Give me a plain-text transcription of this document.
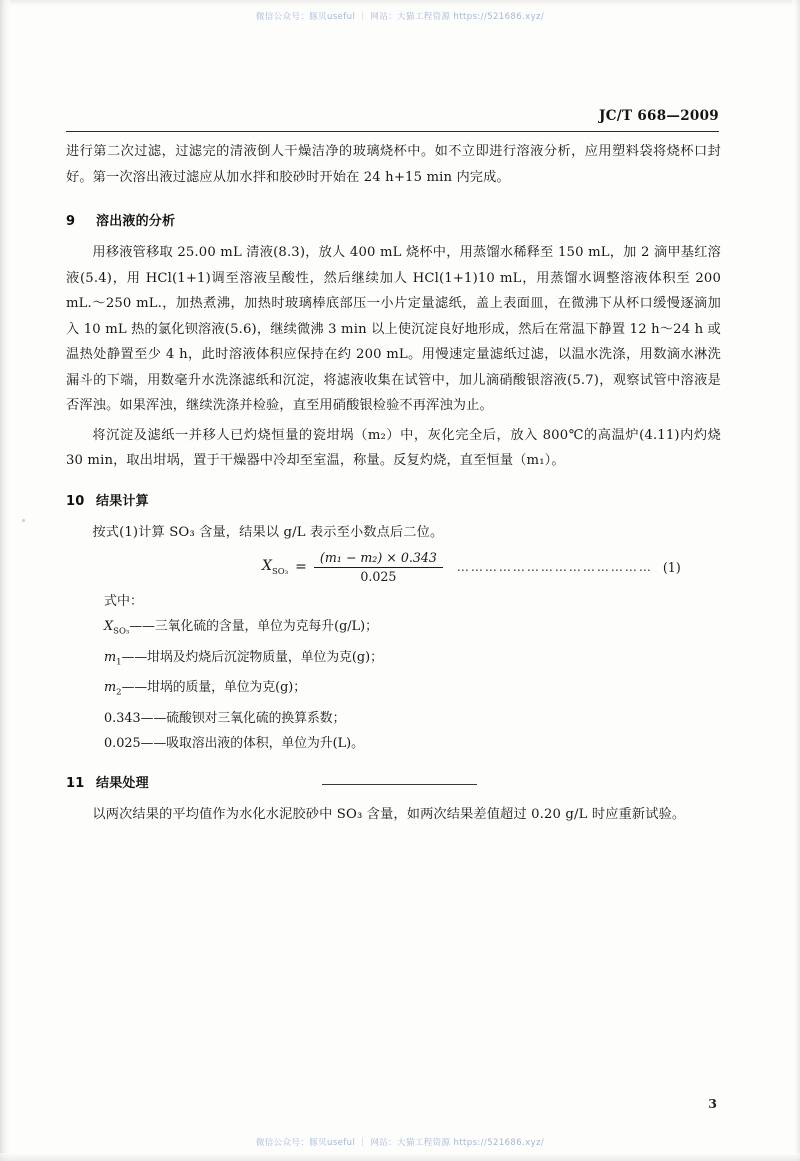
微信公众号：豚贝useful ｜ 网站：大猫工程资源 https://521686.xyz/
JC/T 668—2009

进行第二次过滤，过滤完的清液倒人干燥洁净的玻璃烧杯中。如不立即进行溶液分析，应用塑料袋将烧杯口封好。第一次溶出液过滤应从加水拌和胶砂时开始在 24 h+15 min 内完成。

9	溶出液的分析

用移液管移取 25.00 mL 清液(8.3)，放人 400 mL 烧杯中，用蒸馏水稀释至 150 mL，加 2 滴甲基红溶液(5.4)，用 HCl(1+1)调至溶液呈酸性，然后继续加人 HCl(1+1)10 mL，用蒸馏水调整溶液体积至 200 mL.～250 mL.，加热煮沸，加热时玻璃棒底部压一小片定量滤纸，盖上表面皿，在微沸下从杯口缓慢逐滴加入 10 mL 热的氯化钡溶液(5.6)，继续微沸 3 min 以上使沉淀良好地形成，然后在常温下静置 12 h～24 h 或温热处静置至少 4 h，此时溶液体积应保持在约 200 mL。用慢速定量滤纸过滤，以温水洗涤，用数滴水淋洗漏斗的下端，用数毫升水洗涤滤纸和沉淀，将滤液收集在试管中，加儿滴硝酸银溶液(5.7)，观察试管中溶液是否浑浊。如果浑浊，继续洗涤并检验，直至用硝酸银检验不再浑浊为止。

将沉淀及滤纸一并移人已灼烧恒量的瓷坩埚（m₂）中，灰化完全后，放入 800℃的高温炉(4.11)内灼烧 30 min，取出坩埚，置于干燥器中冷却至室温，称量。反复灼烧，直至恒量（m₁）。

10 结果计算

按式(1)计算 SO₃ 含量，结果以 g/L 表示至小数点后二位。

$X_{SO_3} = \frac{\text{(m₁ − m₂) × 0.343}}{0.025}$ …………………………………… (1)
式中：
$X_{SO_3}——$三氧化硫的含量，单位为克每升(g/L)；
$m_1——$坩埚及灼烧后沉淀物质量，单位为克(g)；
$m_2——$坩埚的质量，单位为克(g)；
0.343——硫酸钡对三氧化硫的换算系数；
0.025——吸取溶出液的体积，单位为升(L)。
11 结果处理

以两次结果的平均值作为水化水泥胶砂中 SO₃ 含量，如两次结果差值超过 0.20 g/L 时应重新试验。

3
微信公众号：豚贝useful ｜ 网站：大猫工程资源 https://521686.xyz/
